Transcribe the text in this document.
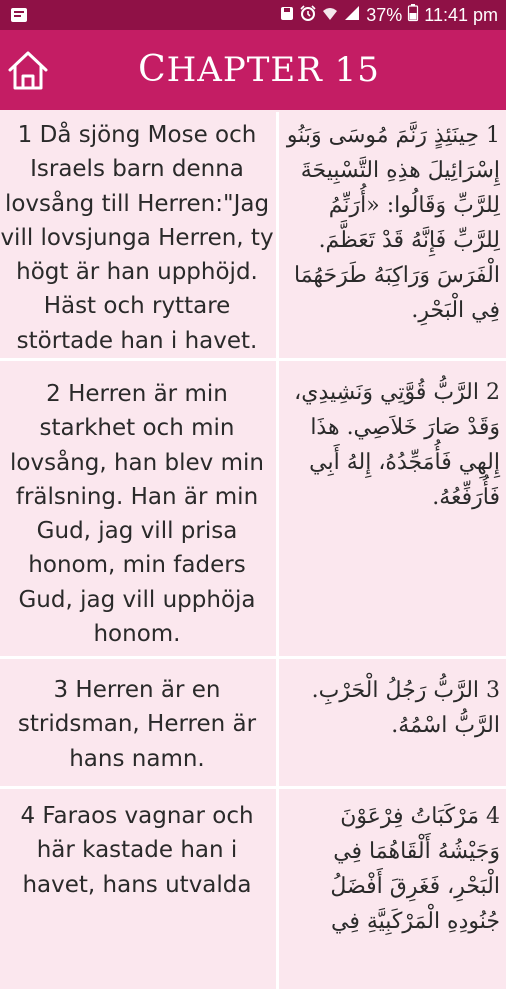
37% 11:41 pm
CHAPTER 15
1 Då sjöng Mose och Israels barn denna lovsång till Herren:"Jag vill lovsjunga Herren, ty högt är han upphöjd. Häst och ryttare störtade han i havet.
1 حِينَئِذٍ رَنَّمَ مُوسَى وَبَنُو إِسْرَائِيلَ هذِهِ التَّسْبِيحَةَ لِلرَّبِّ وَقَالُوا: «أُرَنِّمُ لِلرَّبِّ فَإِنَّهُ قَدْ تَعَظَّمَ. الْفَرَسَ وَرَاكِبَهُ طَرَحَهُمَا فِي الْبَحْرِ.
2 Herren är min starkhet och min lovsång, han blev min frälsning. Han är min Gud, jag vill prisa honom, min faders Gud, jag vill upphöja honom.
2 الرَّبُّ قُوَّتِي وَنَشِيدِي، وَقَدْ صَارَ خَلاَصِي. هذَا إِلهِي فَأُمَجِّدُهُ، إِلهُ أَبِي فَأُرَفِّعُهُ.
3 Herren är en stridsman, Herren är hans namn.
3 الرَّبُّ رَجُلُ الْحَرْبِ. الرَّبُّ اسْمُهُ.
4 Faraos vagnar och här kastade han i havet, hans utvalda
4 مَرْكَبَاتُ فِرْعَوْنَ وَجَيْشُهُ أَلْقَاهُمَا فِي الْبَحْرِ، فَغَرِقَ أَفْضَلُ جُنُودِهِ الْمَرْكَبِيَّةِ فِي
